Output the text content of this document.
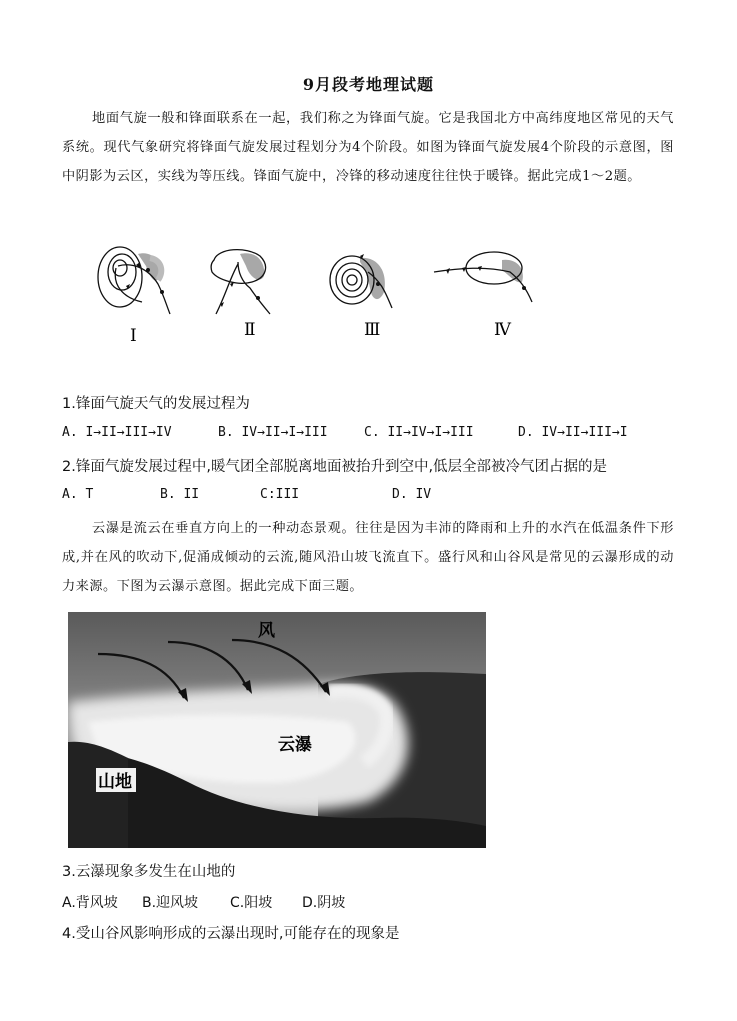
9月段考地理试题
地面气旋一般和锋面联系在一起，我们称之为锋面气旋。它是我国北方中高纬度地区常见的天气系统。现代气象研究将锋面气旋发展过程划分为4个阶段。如图为锋面气旋发展4个阶段的示意图，图中阴影为云区，实线为等压线。锋面气旋中，冷锋的移动速度往往快于暖锋。据此完成1～2题。
Ⅰ	Ⅱ	Ⅲ	Ⅳ
1.锋面气旋天气的发展过程为
A. I→II→III→IV	B. IV→II→I→III	C. II→IV→I→III	D. IV→II→III→I
2.锋面气旋发展过程中,暖气团全部脱离地面被抬升到空中,低层全部被冷气团占据的是
A. T	B. II	C:III	D. IV
云瀑是流云在垂直方向上的一种动态景观。往往是因为丰沛的降雨和上升的水汽在低温条件下形成,并在风的吹动下,促涌成倾动的云流,随风沿山坡飞流直下。盛行风和山谷风是常见的云瀑形成的动力来源。下图为云瀑示意图。据此完成下面三题。
风
云瀑
山地
3.云瀑现象多发生在山地的
A.背风坡 B.迎风坡 C.阳坡 D.阴坡
4.受山谷风影响形成的云瀑出现时,可能存在的现象是
